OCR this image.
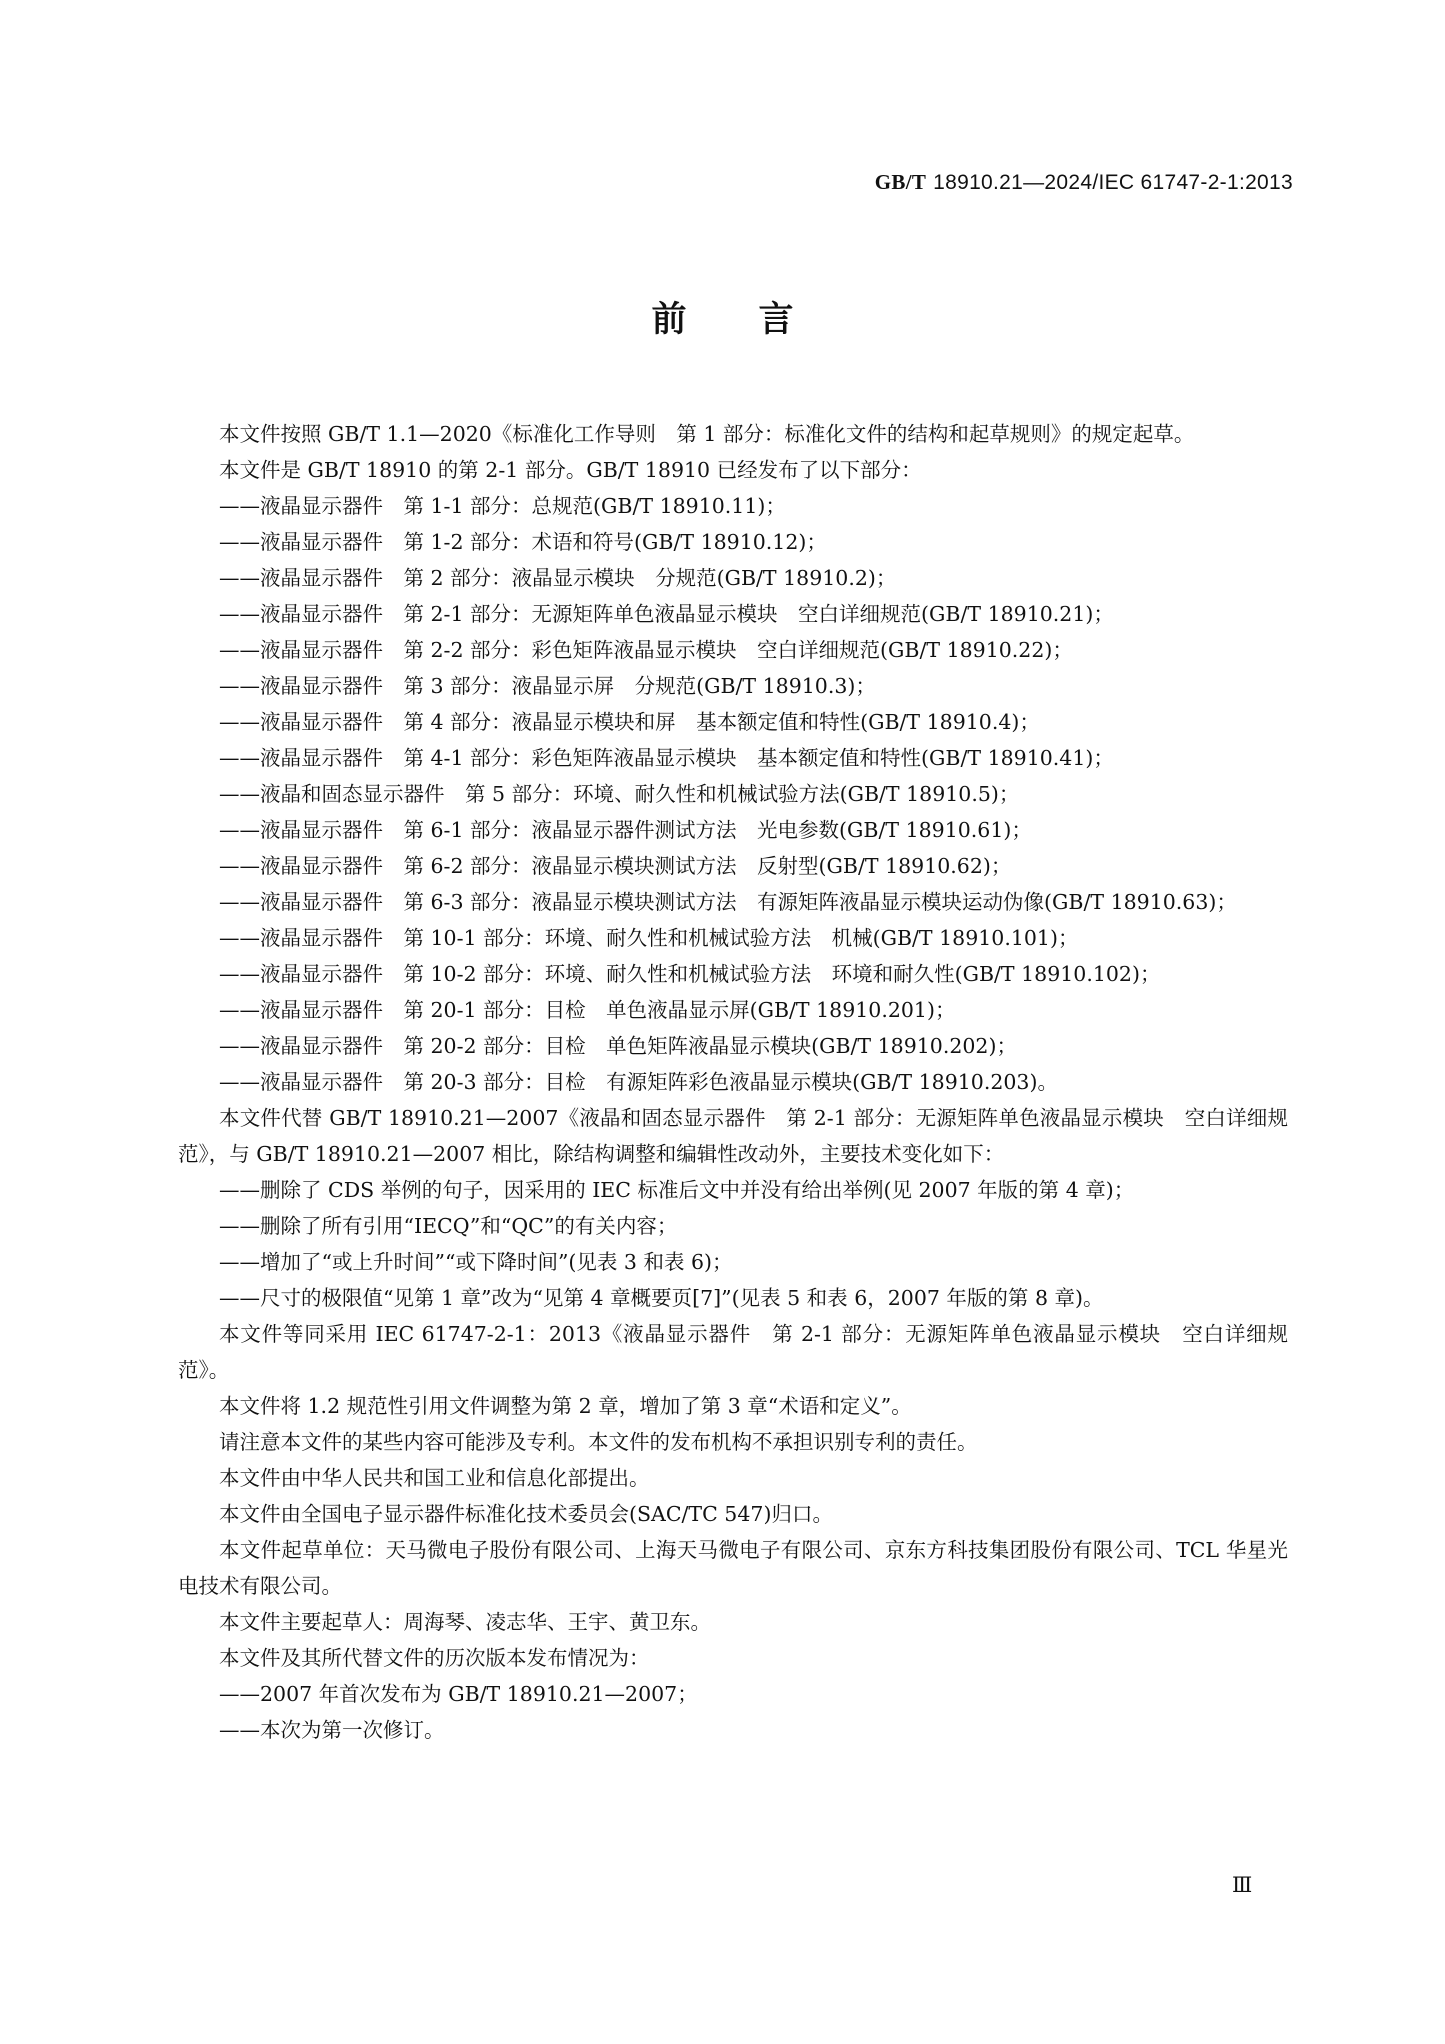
GB/T 18910.21—2024/IEC 61747-2-1:2013
前言

本文件按照 GB/T 1.1—2020《标准化工作导则　第 1 部分：标准化文件的结构和起草规则》的规定起草。

本文件是 GB/T 18910 的第 2-1 部分。GB/T 18910 已经发布了以下部分：

——液晶显示器件　第 1-1 部分：总规范(GB/T 18910.11)；

——液晶显示器件　第 1-2 部分：术语和符号(GB/T 18910.12)；

——液晶显示器件　第 2 部分：液晶显示模块　分规范(GB/T 18910.2)；

——液晶显示器件　第 2-1 部分：无源矩阵单色液晶显示模块　空白详细规范(GB/T 18910.21)；

——液晶显示器件　第 2-2 部分：彩色矩阵液晶显示模块　空白详细规范(GB/T 18910.22)；

——液晶显示器件　第 3 部分：液晶显示屏　分规范(GB/T 18910.3)；

——液晶显示器件　第 4 部分：液晶显示模块和屏　基本额定值和特性(GB/T 18910.4)；

——液晶显示器件　第 4-1 部分：彩色矩阵液晶显示模块　基本额定值和特性(GB/T 18910.41)；

——液晶和固态显示器件　第 5 部分：环境、耐久性和机械试验方法(GB/T 18910.5)；

——液晶显示器件　第 6-1 部分：液晶显示器件测试方法　光电参数(GB/T 18910.61)；

——液晶显示器件　第 6-2 部分：液晶显示模块测试方法　反射型(GB/T 18910.62)；

——液晶显示器件　第 6-3 部分：液晶显示模块测试方法　有源矩阵液晶显示模块运动伪像(GB/T 18910.63)；

——液晶显示器件　第 10-1 部分：环境、耐久性和机械试验方法　机械(GB/T 18910.101)；

——液晶显示器件　第 10-2 部分：环境、耐久性和机械试验方法　环境和耐久性(GB/T 18910.102)；

——液晶显示器件　第 20-1 部分：目检　单色液晶显示屏(GB/T 18910.201)；

——液晶显示器件　第 20-2 部分：目检　单色矩阵液晶显示模块(GB/T 18910.202)；

——液晶显示器件　第 20-3 部分：目检　有源矩阵彩色液晶显示模块(GB/T 18910.203)。

本文件代替 GB/T 18910.21—2007《液晶和固态显示器件　第 2-1 部分：无源矩阵单色液晶显示模块　空白详细规范》，与 GB/T 18910.21—2007 相比，除结构调整和编辑性改动外，主要技术变化如下：

——删除了 CDS 举例的句子，因采用的 IEC 标准后文中并没有给出举例(见 2007 年版的第 4 章)；

——删除了所有引用“IECQ”和“QC”的有关内容；

——增加了“或上升时间”“或下降时间”(见表 3 和表 6)；

——尺寸的极限值“见第 1 章”改为“见第 4 章概要页[7]”(见表 5 和表 6，2007 年版的第 8 章)。

本文件等同采用 IEC 61747-2-1：2013《液晶显示器件　第 2-1 部分：无源矩阵单色液晶显示模块　空白详细规范》。

本文件将 1.2 规范性引用文件调整为第 2 章，增加了第 3 章“术语和定义”。

请注意本文件的某些内容可能涉及专利。本文件的发布机构不承担识别专利的责任。

本文件由中华人民共和国工业和信息化部提出。

本文件由全国电子显示器件标准化技术委员会(SAC/TC 547)归口。

本文件起草单位：天马微电子股份有限公司、上海天马微电子有限公司、京东方科技集团股份有限公司、TCL 华星光电技术有限公司。

本文件主要起草人：周海琴、凌志华、王宇、黄卫东。

本文件及其所代替文件的历次版本发布情况为：

——2007 年首次发布为 GB/T 18910.21—2007；

——本次为第一次修订。

Ⅲ
